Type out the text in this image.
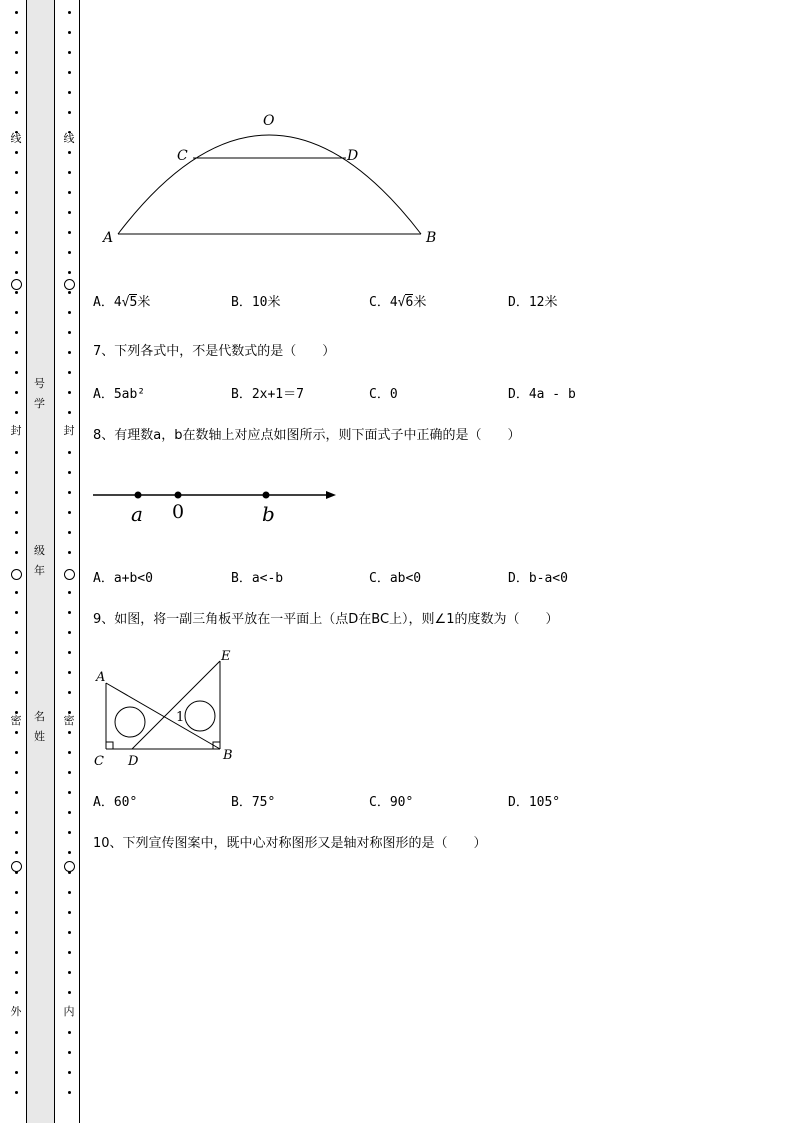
线
封
密
外
线
封
密
内
号
学
级
年
名
姓
O
C	D
A	B
A．4√5米	B．10米	C．4√6米	D．12米
7、下列各式中，不是代数式的是（　　）
A．5ab²	B．2x+1＝7	C．0	D．4a - b
8、有理数a，b在数轴上对应点如图所示，则下面式子中正确的是（　　）
a 0	b
A．a+b<0	B．a<-b	C．ab<0	D．b-a<0
9、如图，将一副三角板平放在一平面上（点D在BC上），则∠1的度数为（　　）
A
E
C D	B
1
A．60°	B．75°	C．90°	D．105°
10、下列宣传图案中，既中心对称图形又是轴对称图形的是（　　）
